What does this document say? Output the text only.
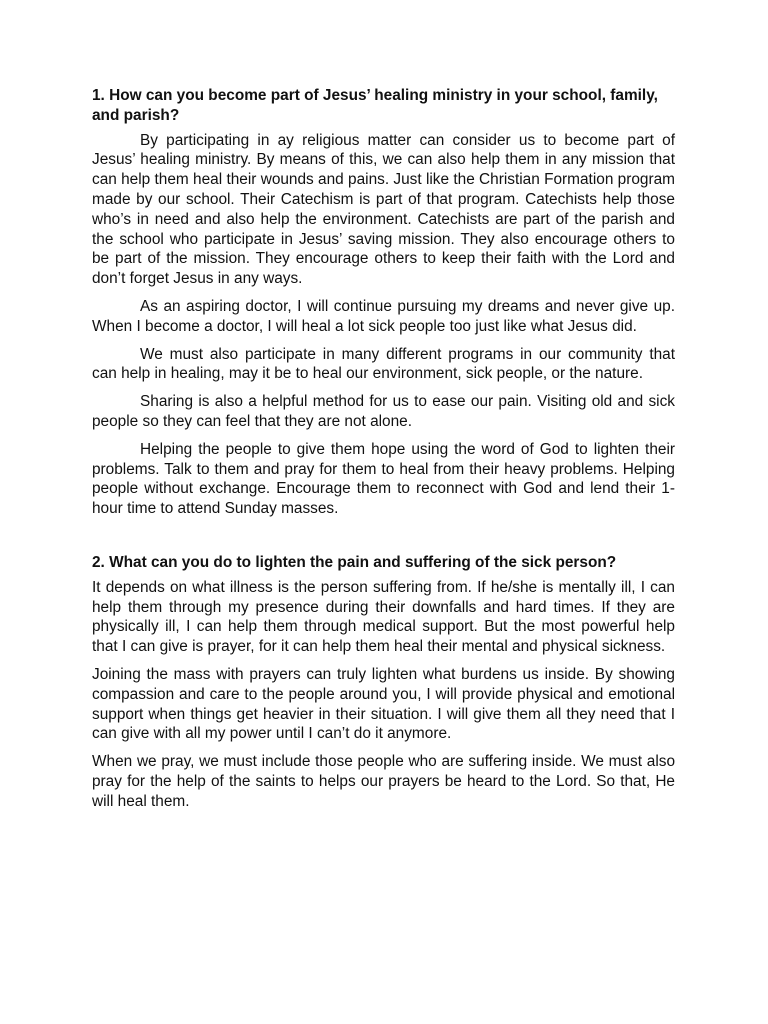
1. How can you become part of Jesus’ healing ministry in your school, family, and parish?

By participating in ay religious matter can consider us to become part of Jesus’ healing ministry. By means of this, we can also help them in any mission that can help them heal their wounds and pains. Just like the Christian Formation program made by our school. Their Catechism is part of that program. Catechists help those who’s in need and also help the environment. Catechists are part of the parish and the school who participate in Jesus’ saving mission. They also encourage others to be part of the mission. They encourage others to keep their faith with the Lord and don’t forget Jesus in any ways.

As an aspiring doctor, I will continue pursuing my dreams and never give up. When I become a doctor, I will heal a lot sick people too just like what Jesus did.

We must also participate in many different programs in our community that can help in healing, may it be to heal our environment, sick people, or the nature.

Sharing is also a helpful method for us to ease our pain. Visiting old and sick people so they can feel that they are not alone.

Helping the people to give them hope using the word of God to lighten their problems. Talk to them and pray for them to heal from their heavy problems. Helping people without exchange. Encourage them to reconnect with God and lend their 1-hour time to attend Sunday masses.

2. What can you do to lighten the pain and suffering of the sick person?

It depends on what illness is the person suffering from. If he/she is mentally ill, I can help them through my presence during their downfalls and hard times. If they are physically ill, I can help them through medical support. But the most powerful help that I can give is prayer, for it can help them heal their mental and physical sickness.

Joining the mass with prayers can truly lighten what burdens us inside. By showing compassion and care to the people around you, I will provide physical and emotional support when things get heavier in their situation. I will give them all they need that I can give with all my power until I can’t do it anymore.

When we pray, we must include those people who are suffering inside. We must also pray for the help of the saints to helps our prayers be heard to the Lord. So that, He will heal them.
